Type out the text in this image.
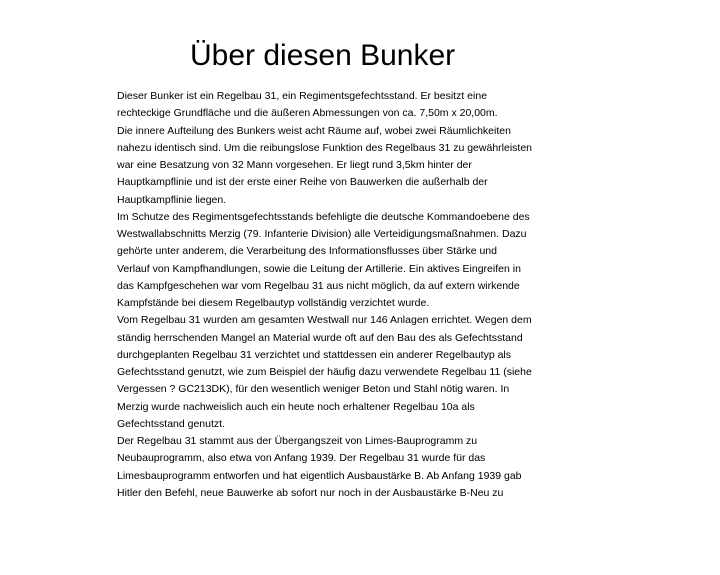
Über diesen Bunker
Dieser Bunker ist ein Regelbau 31, ein Regimentsgefechtsstand. Er besitzt eine
rechteckige Grundfläche und die äußeren Abmessungen von ca. 7,50m x 20,00m.
Die innere Aufteilung des Bunkers weist acht Räume auf, wobei zwei Räumlichkeiten
nahezu identisch sind. Um die reibungslose Funktion des Regelbaus 31 zu gewährleisten
war eine Besatzung von 32 Mann vorgesehen. Er liegt rund 3,5km hinter der
Hauptkampflinie und ist der erste einer Reihe von Bauwerken die außerhalb der
Hauptkampflinie liegen.
Im Schutze des Regimentsgefechtsstands befehligte die deutsche Kommandoebene des
Westwallabschnitts Merzig (79. Infanterie Division) alle Verteidigungsmaßnahmen. Dazu
gehörte unter anderem, die Verarbeitung des Informationsflusses über Stärke und
Verlauf von Kampfhandlungen, sowie die Leitung der Artillerie. Ein aktives Eingreifen in
das Kampfgeschehen war vom Regelbau 31 aus nicht möglich, da auf extern wirkende
Kampfstände bei diesem Regelbautyp vollständig verzichtet wurde.
Vom Regelbau 31 wurden am gesamten Westwall nur 146 Anlagen errichtet. Wegen dem
ständig herrschenden Mangel an Material wurde oft auf den Bau des als Gefechtsstand
durchgeplanten Regelbau 31 verzichtet und stattdessen ein anderer Regelbautyp als
Gefechtsstand genutzt, wie zum Beispiel der häufig dazu verwendete Regelbau 11 (siehe
Vergessen ? GC213DK), für den wesentlich weniger Beton und Stahl nötig waren. In
Merzig wurde nachweislich auch ein heute noch erhaltener Regelbau 10a als
Gefechtsstand genutzt.
Der Regelbau 31 stammt aus der Übergangszeit von Limes-Bauprogramm zu
Neubauprogramm, also etwa von Anfang 1939. Der Regelbau 31 wurde für das
Limesbauprogramm entworfen und hat eigentlich Ausbaustärke B. Ab Anfang 1939 gab
Hitler den Befehl, neue Bauwerke ab sofort nur noch in der Ausbaustärke B-Neu zu
